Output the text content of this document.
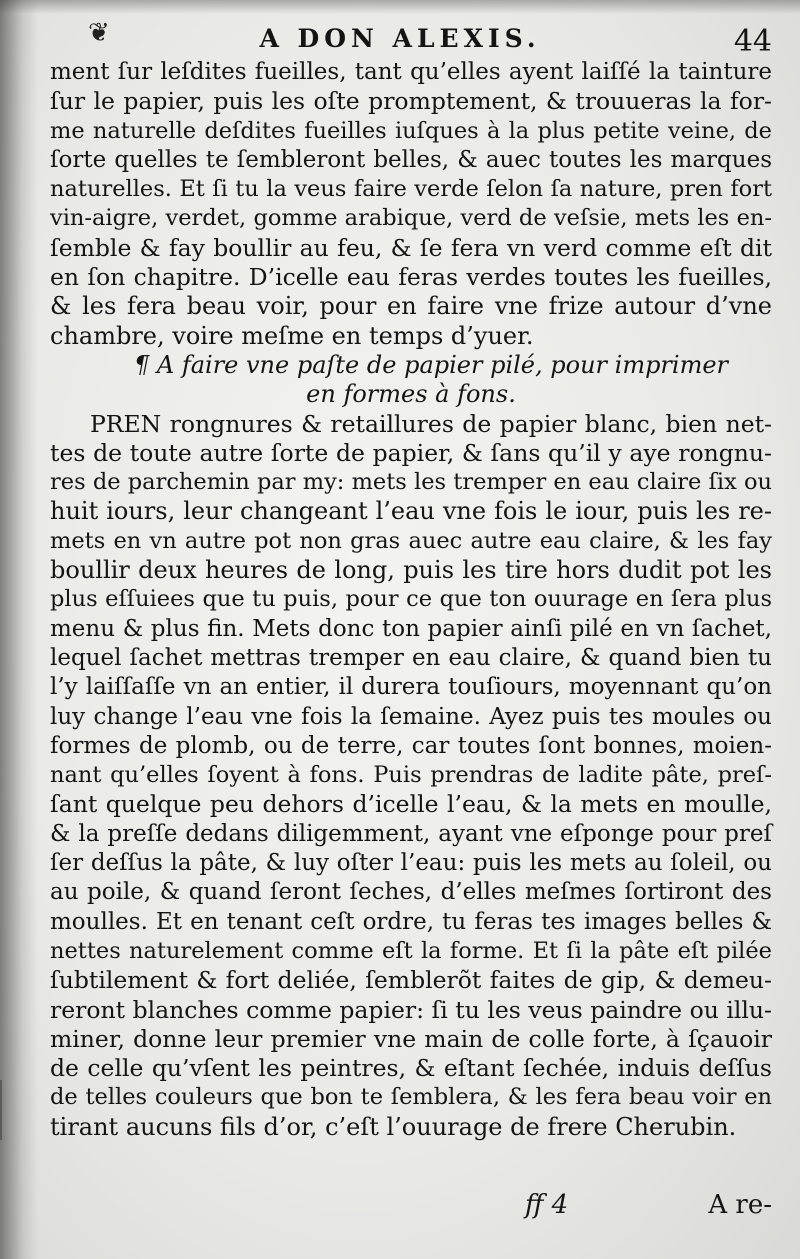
❦	A DON ALEXIS.	44
ment ſur leſdites fueilles, tant qu’elles ayent laiſſé la tainture
ſur le papier, puis les oſte promptement, & trouueras la for-
me naturelle deſdites fueilles iuſques à la plus petite veine, de
ſorte quelles te ſembleront belles, & auec toutes les marques
naturelles. Et ſi tu la veus faire verde ſelon ſa nature, pren fort
vin-aigre, verdet, gomme arabique, verd de veſsie, mets les en-
ſemble & fay boullir au feu, & ſe fera vn verd comme eſt dit
en ſon chapitre. D’icelle eau feras verdes toutes les fueilles,
& les fera beau voir, pour en faire vne frize autour d’vne
chambre, voire meſme en temps d’yuer.
¶ A faire vne paſte de papier pilé, pour imprimer
en formes à fons.
PREN rongnures & retaillures de papier blanc, bien net-
tes de toute autre ſorte de papier, & ſans qu’il y aye rongnu-
res de parchemin par my: mets les tremper en eau claire ſix ou
huit iours, leur changeant l’eau vne fois le iour, puis les re-
mets en vn autre pot non gras auec autre eau claire, & les fay
boullir deux heures de long, puis les tire hors dudit pot les
plus eſſuiees que tu puis, pour ce que ton ouurage en ſera plus
menu & plus fin. Mets donc ton papier ainſi pilé en vn ſachet,
lequel ſachet mettras tremper en eau claire, & quand bien tu
l’y laiſſaſſe vn an entier, il durera touſiours, moyennant qu’on
luy change l’eau vne fois la ſemaine. Ayez puis tes moules ou
formes de plomb, ou de terre, car toutes ſont bonnes, moien-
nant qu’elles ſoyent à fons. Puis prendras de ladite pâte, preſ-
ſant quelque peu dehors d’icelle l’eau, & la mets en moulle,
& la preſſe dedans diligemment, ayant vne eſponge pour preſ
ſer deſſus la pâte, & luy oſter l’eau: puis les mets au ſoleil, ou
au poile, & quand ſeront ſeches, d’elles meſmes ſortiront des
moulles. Et en tenant ceſt ordre, tu feras tes images belles &
nettes naturelement comme eſt la forme. Et ſi la pâte eſt pilée
ſubtilement & fort deliée, ſemblerõt faites de gip, & demeu-
reront blanches comme papier: ſi tu les veus paindre ou illu-
miner, donne leur premier vne main de colle forte, à ſçauoir
de celle qu’vſent les peintres, & eſtant ſechée, induis deſſus
de telles couleurs que bon te ſemblera, & les fera beau voir en
tirant aucuns fils d’or, c’eſt l’ouurage de frere Cherubin.
ff 4	A re-
